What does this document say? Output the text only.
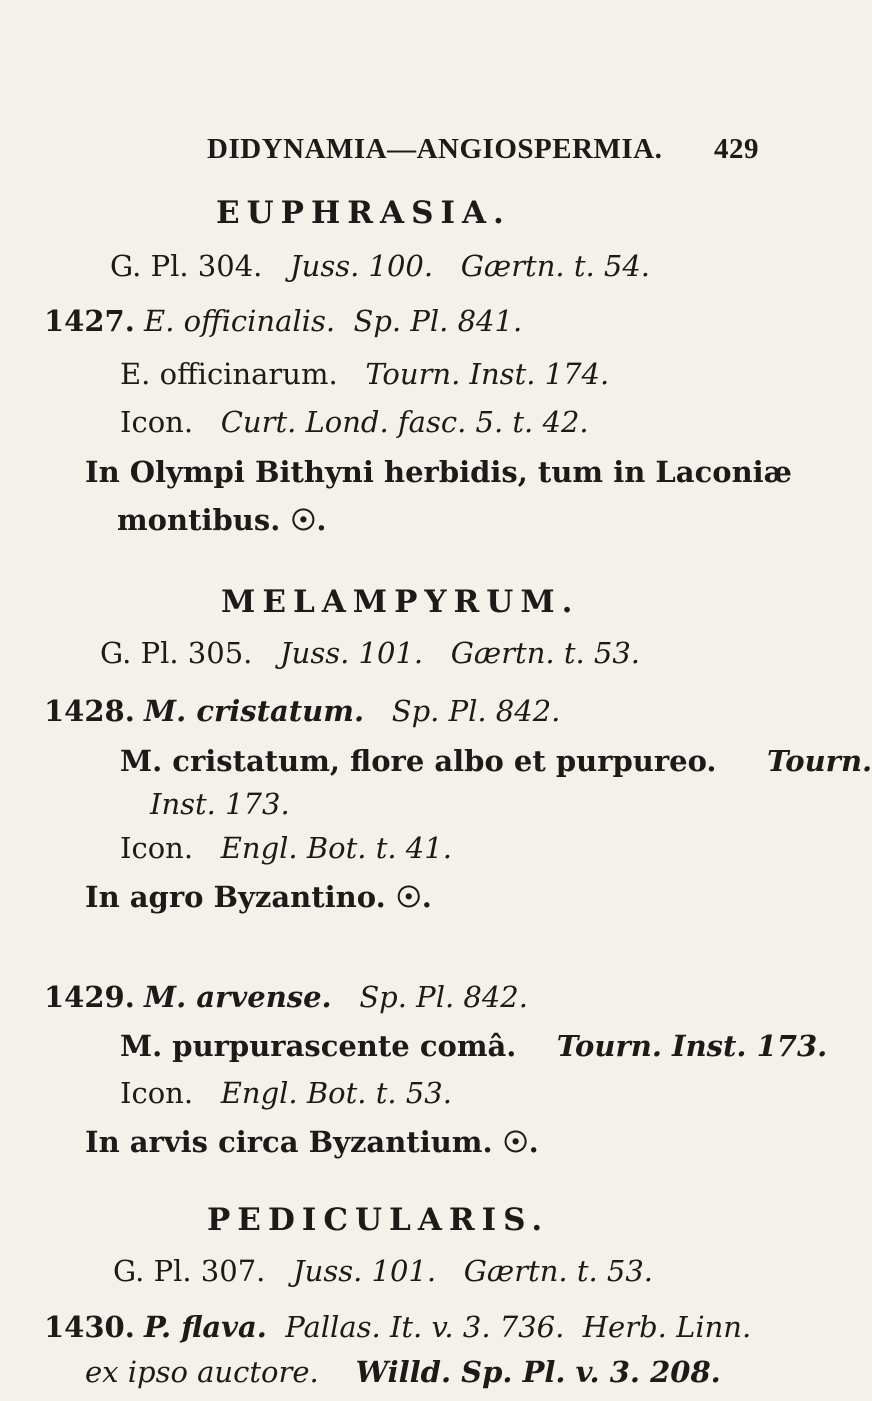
DIDYNAMIA—ANGIOSPERMIA. 429
EUPHRASIA.
G. Pl. 304. Juss. 100. Gærtn. t. 54.
1427. E. officinalis. Sp. Pl. 841.
E. officinarum. Tourn. Inst. 174.
Icon. Curt. Lond. fasc. 5. t. 42.
In Olympi Bithyni herbidis, tum in Laconiæ
montibus. ☉.
MELAMPYRUM.
G. Pl. 305. Juss. 101. Gærtn. t. 53.
1428. M. cristatum. Sp. Pl. 842.
M. cristatum, flore albo et purpureo. Tourn.
Inst. 173.
Icon. Engl. Bot. t. 41.
In agro Byzantino. ☉.
1429. M. arvense. Sp. Pl. 842.
M. purpurascente comâ. Tourn. Inst. 173.
Icon. Engl. Bot. t. 53.
In arvis circa Byzantium. ☉.
PEDICULARIS.
G. Pl. 307. Juss. 101. Gærtn. t. 53.
1430. P. flava. Pallas. It. v. 3. 736. Herb. Linn.
ex ipso auctore. Willd. Sp. Pl. v. 3. 208.
